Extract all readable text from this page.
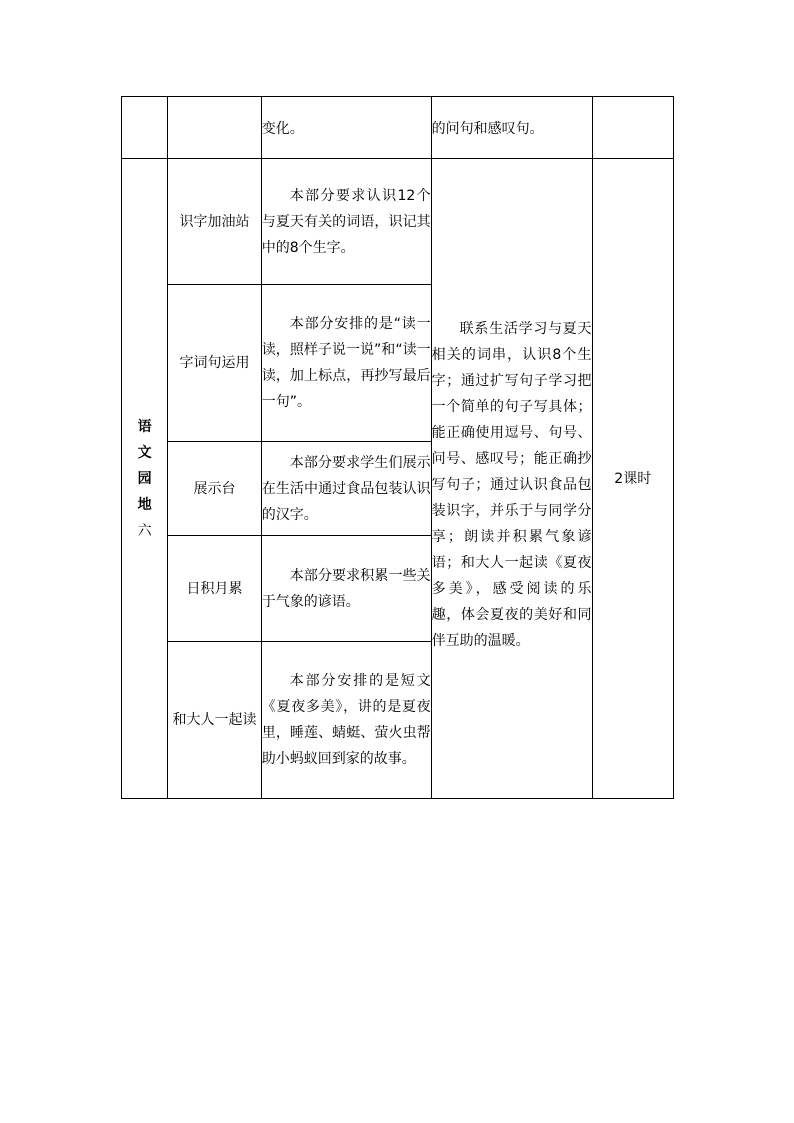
		变化。	的问句和感叹句。	

语
文
园
地
六	识字加油站	本部分要求认识12个与夏天有关的词语，识记其中的8个生字。	联系生活学习与夏天相关的词串，认识8个生字；通过扩写句子学习把一个简单的句子写具体；能正确使用逗号、句号、问号、感叹号；能正确抄写句子；通过认识食品包装识字，并乐于与同学分享；朗读并积累气象谚语；和大人一起读《夏夜多美》，感受阅读的乐趣，体会夏夜的美好和同伴互助的温暖。	2课时
	字词句运用	本部分安排的是“读一读，照样子说一说”和“读一读，加上标点，再抄写最后一句”。		

	展示台	本部分要求学生们展示在生活中通过食品包装认识的汉字。		

	日积月累	本部分要求积累一些关于气象的谚语。		

	和大人一起读	本部分安排的是短文《夏夜多美》，讲的是夏夜里，睡莲、蜻蜓、萤火虫帮助小蚂蚁回到家的故事。		
